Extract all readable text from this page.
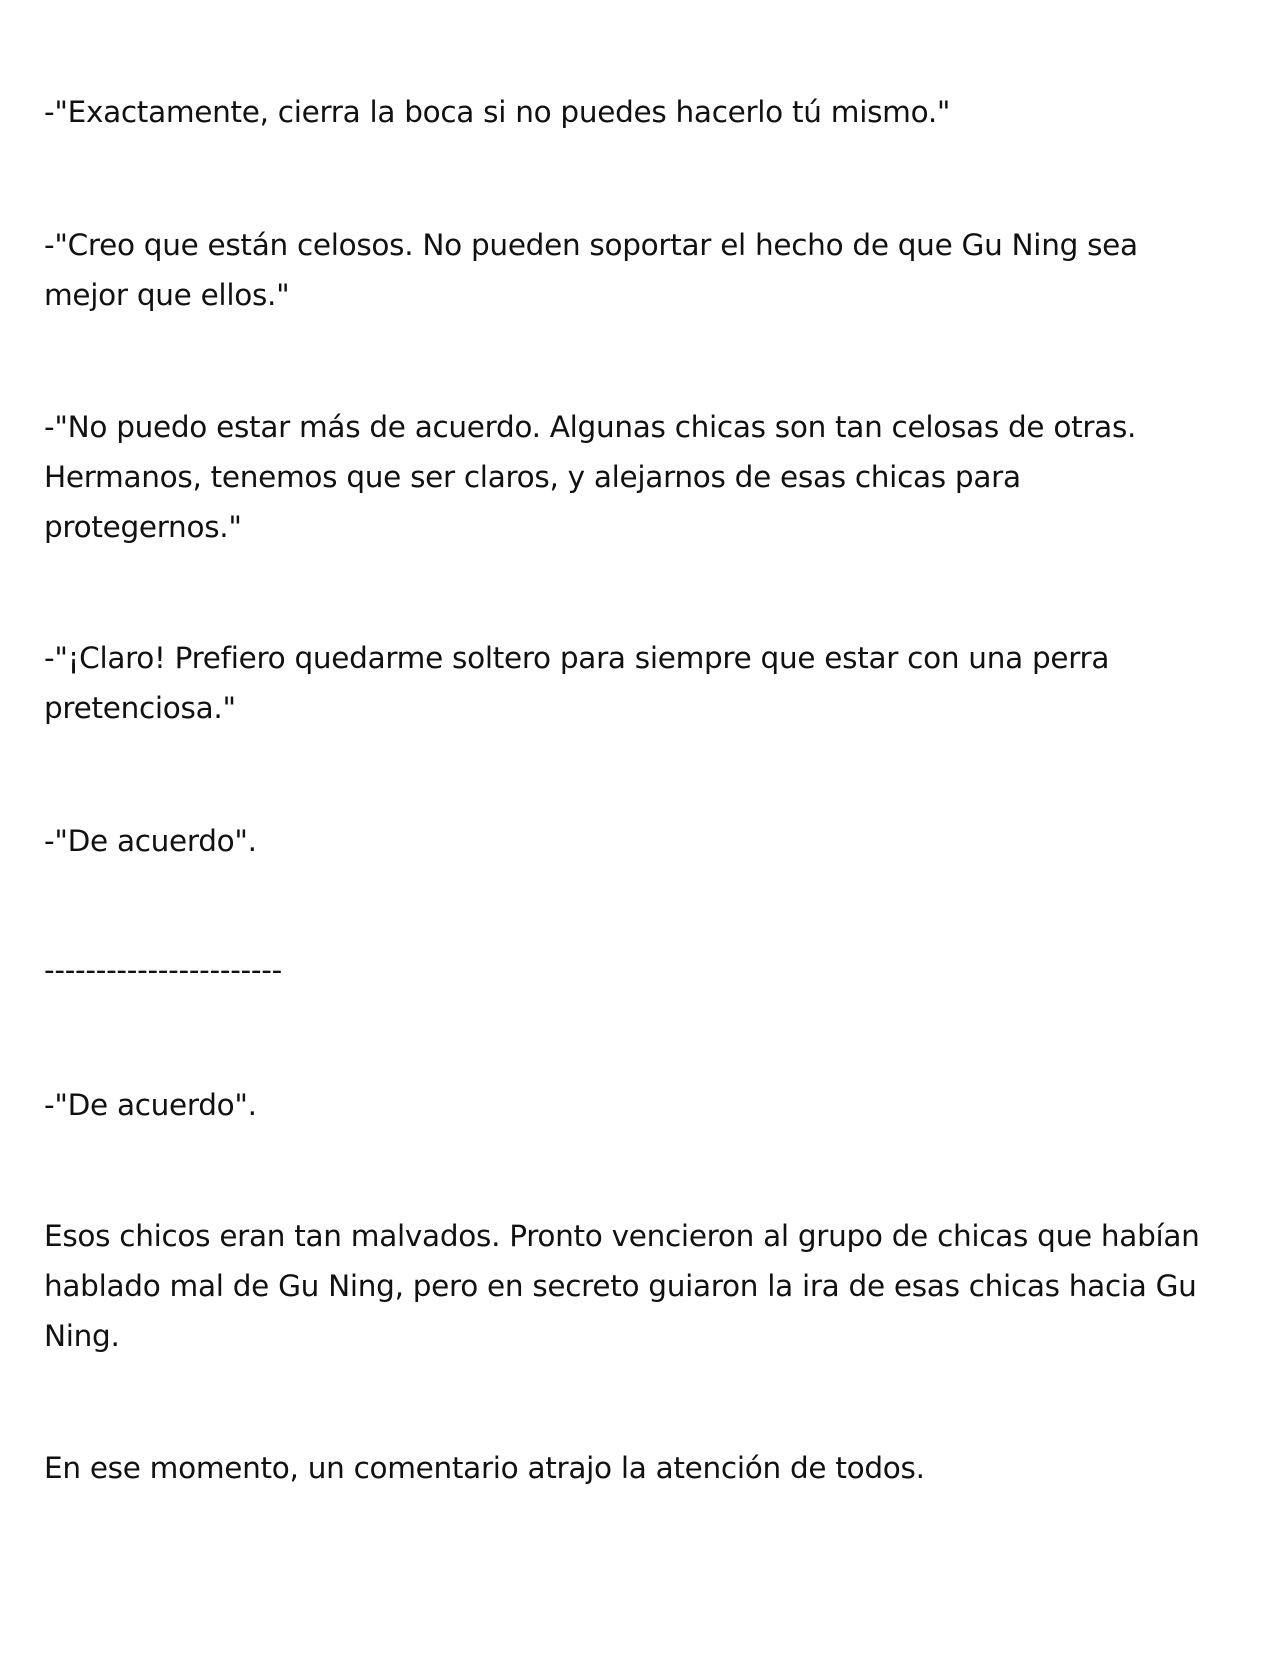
-"Exactamente, cierra la boca si no puedes hacerlo tú mismo."

-"Creo que están celosos. No pueden soportar el hecho de que Gu Ning sea mejor que ellos."

-"No puedo estar más de acuerdo. Algunas chicas son tan celosas de otras. Hermanos, tenemos que ser claros, y alejarnos de esas chicas para protegernos."

-"¡Claro! Prefiero quedarme soltero para siempre que estar con una perra pretenciosa."

-"De acuerdo".

-----------------------

-"De acuerdo".

Esos chicos eran tan malvados. Pronto vencieron al grupo de chicas que habían hablado mal de Gu Ning, pero en secreto guiaron la ira de esas chicas hacia Gu Ning.

En ese momento, un comentario atrajo la atención de todos.
